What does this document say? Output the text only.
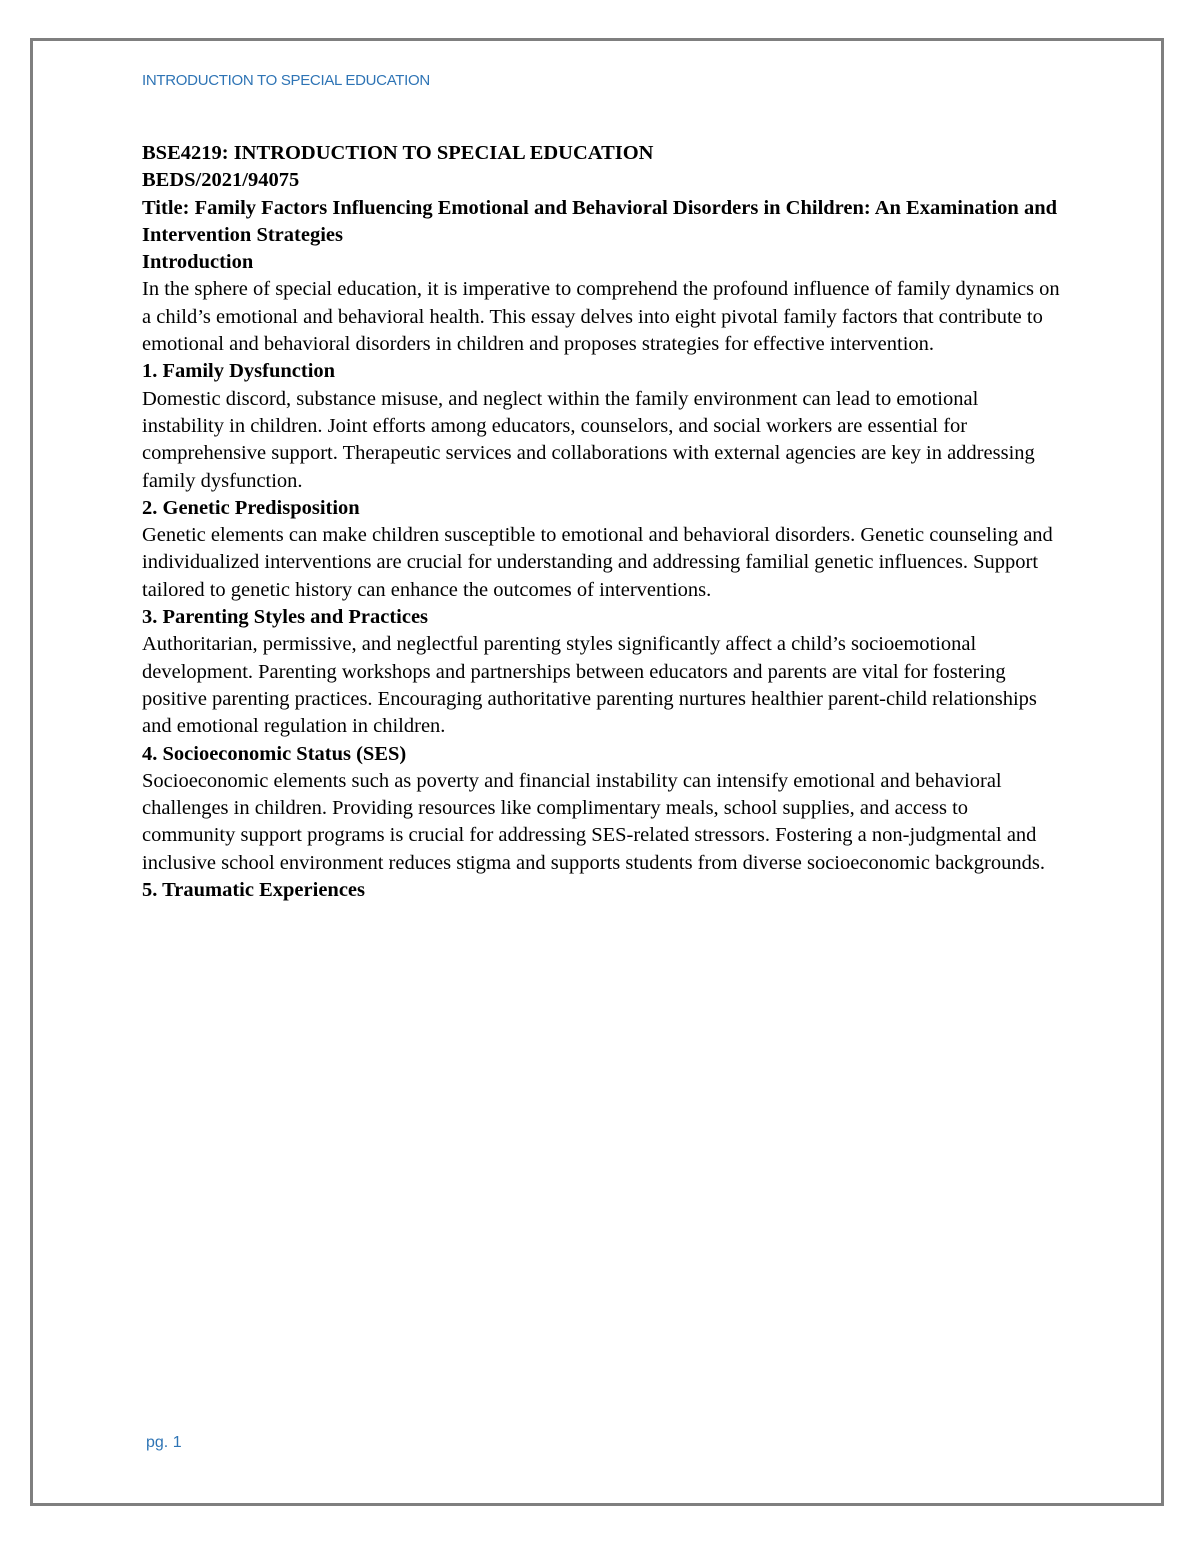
INTRODUCTION TO SPECIAL EDUCATION

BSE4219: INTRODUCTION TO SPECIAL EDUCATION

BEDS/2021/94075

Title: Family Factors Influencing Emotional and Behavioral Disorders in Children: An Examination and Intervention Strategies

Introduction

In the sphere of special education, it is imperative to comprehend the profound influence of family dynamics on a child’s emotional and behavioral health. This essay delves into eight pivotal family factors that contribute to emotional and behavioral disorders in children and proposes strategies for effective intervention.

1. Family Dysfunction

Domestic discord, substance misuse, and neglect within the family environment can lead to emotional instability in children. Joint efforts among educators, counselors, and social workers are essential for comprehensive support. Therapeutic services and collaborations with external agencies are key in addressing family dysfunction.

2. Genetic Predisposition

Genetic elements can make children susceptible to emotional and behavioral disorders. Genetic counseling and individualized interventions are crucial for understanding and addressing familial genetic influences. Support tailored to genetic history can enhance the outcomes of interventions.

3. Parenting Styles and Practices

Authoritarian, permissive, and neglectful parenting styles significantly affect a child’s socioemotional development. Parenting workshops and partnerships between educators and parents are vital for fostering positive parenting practices. Encouraging authoritative parenting nurtures healthier parent-child relationships and emotional regulation in children.

4. Socioeconomic Status (SES)

Socioeconomic elements such as poverty and financial instability can intensify emotional and behavioral challenges in children. Providing resources like complimentary meals, school supplies, and access to community support programs is crucial for addressing SES-related stressors. Fostering a non-judgmental and inclusive school environment reduces stigma and supports students from diverse socioeconomic backgrounds.

5. Traumatic Experiences

pg. 1
